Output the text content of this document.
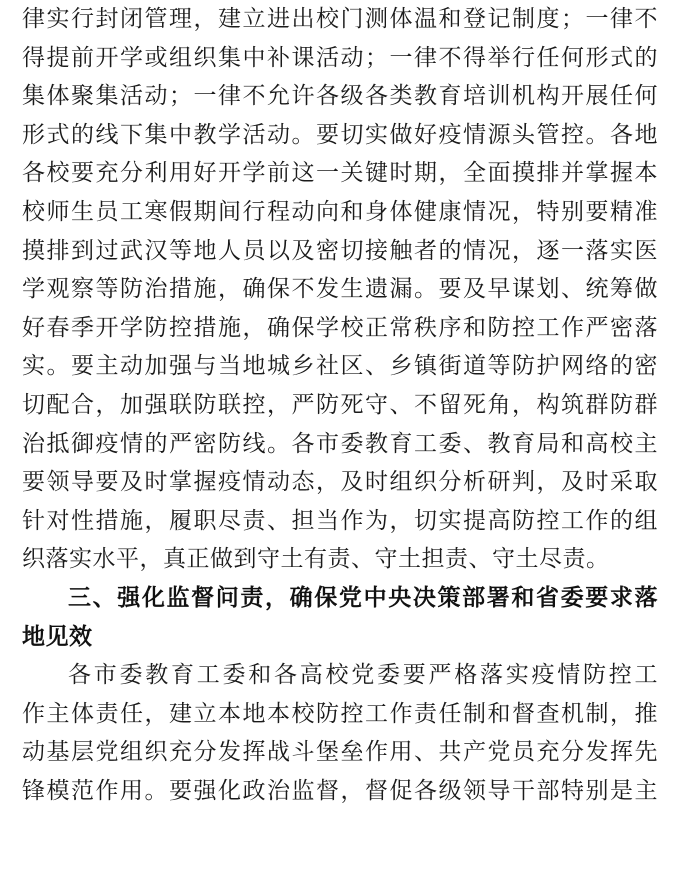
律实行封闭管理，建立进出校门测体温和登记制度；一律不
得提前开学或组织集中补课活动；一律不得举行任何形式的
集体聚集活动；一律不允许各级各类教育培训机构开展任何
形式的线下集中教学活动。要切实做好疫情源头管控。各地
各校要充分利用好开学前这一关键时期，全面摸排并掌握本
校师生员工寒假期间行程动向和身体健康情况，特别要精准
摸排到过武汉等地人员以及密切接触者的情况，逐一落实医
学观察等防治措施，确保不发生遗漏。要及早谋划、统筹做
好春季开学防控措施，确保学校正常秩序和防控工作严密落
实。要主动加强与当地城乡社区、乡镇街道等防护网络的密
切配合，加强联防联控，严防死守、不留死角，构筑群防群
治抵御疫情的严密防线。各市委教育工委、教育局和高校主
要领导要及时掌握疫情动态，及时组织分析研判，及时采取
针对性措施，履职尽责、担当作为，切实提高防控工作的组
织落实水平，真正做到守土有责、守土担责、守土尽责。
三、强化监督问责，确保党中央决策部署和省委要求落
地见效
各市委教育工委和各高校党委要严格落实疫情防控工
作主体责任，建立本地本校防控工作责任制和督查机制，推
动基层党组织充分发挥战斗堡垒作用、共产党员充分发挥先
锋模范作用。要强化政治监督，督促各级领导干部特别是主
